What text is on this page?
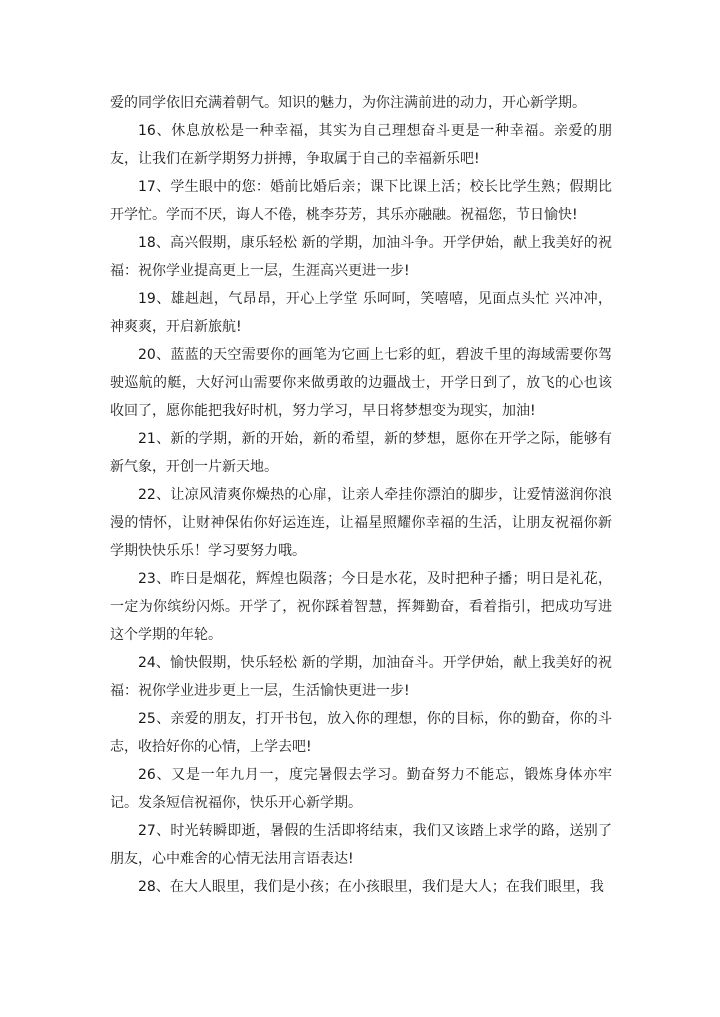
爱的同学依旧充满着朝气。知识的魅力，为你注满前进的动力，开心新学期。

16、休息放松是一种幸福，其实为自己理想奋斗更是一种幸福。亲爱的朋友，让我们在新学期努力拼搏，争取属于自己的幸福新乐吧!

17、学生眼中的您：婚前比婚后亲；课下比课上活；校长比学生熟；假期比开学忙。学而不厌，诲人不倦，桃李芬芳，其乐亦融融。祝福您，节日愉快!

18、高兴假期，康乐轻松 新的学期，加油斗争。开学伊始，献上我美好的祝福：祝你学业提高更上一层，生涯高兴更进一步!

19、雄赳赳，气昂昂，开心上学堂 乐呵呵，笑嘻嘻，见面点头忙 兴冲冲，神爽爽，开启新旅航!

20、蓝蓝的天空需要你的画笔为它画上七彩的虹，碧波千里的海域需要你驾驶巡航的艇，大好河山需要你来做勇敢的边疆战士，开学日到了，放飞的心也该收回了，愿你能把我好时机，努力学习，早日将梦想变为现实，加油!

21、新的学期，新的开始，新的希望，新的梦想，愿你在开学之际，能够有新气象，开创一片新天地。

22、让凉风清爽你燥热的心扉，让亲人牵挂你漂泊的脚步，让爱情滋润你浪漫的情怀，让财神保佑你好运连连，让福星照耀你幸福的生活，让朋友祝福你新学期快快乐乐！学习要努力哦。

23、昨日是烟花，辉煌也陨落；今日是水花，及时把种子播；明日是礼花，一定为你缤纷闪烁。开学了，祝你踩着智慧，挥舞勤奋，看着指引，把成功写进这个学期的年轮。

24、愉快假期，快乐轻松 新的学期，加油奋斗。开学伊始，献上我美好的祝福：祝你学业进步更上一层，生活愉快更进一步!

25、亲爱的朋友，打开书包，放入你的理想，你的目标，你的勤奋，你的斗志，收拾好你的心情，上学去吧!

26、又是一年九月一，度完暑假去学习。勤奋努力不能忘，锻炼身体亦牢记。发条短信祝福你，快乐开心新学期。

27、时光转瞬即逝，暑假的生活即将结束，我们又该踏上求学的路，送别了朋友，心中难舍的心情无法用言语表达!

28、在大人眼里，我们是小孩；在小孩眼里，我们是大人；在我们眼里，我
